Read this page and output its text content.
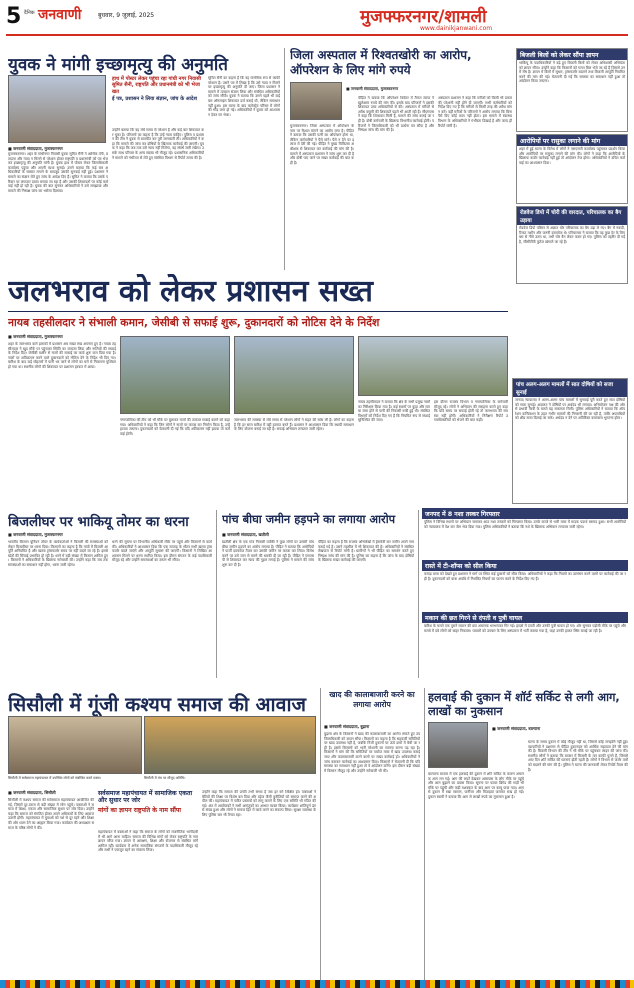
5 दैनिक जनवाणी	बुधवार, 9 जुलाई, 2025	मुजफ्फरनगर/शामली
www.dainikjanwani.com
युवक ने मांगी इच्छामृत्यु की अनुमति
■ जनवाणी संवाददाता, मुजफ्फरनगर
मुजफ्फरनगर। शहर के गांधीनगर निवासी युवक सुमित सैनी ने आर्थिक तंगी, प्रताड़ना और न्याय न मिलने से परेशान होकर राष्ट्रपति व प्रधानमंत्री को पत्र भेजकर इच्छामृत्यु की अनुमति मांगी है। युवक हाथ में पोस्टर लेकर जिलाधिकारी कार्यालय पहुंचा और अपनी व्यथा सुनाई। उसने बताया कि कई बार अधिकारियों के चक्कर लगाने के बावजूद उसकी सुनवाई नहीं हुई। प्रशासन ने मामले का संज्ञान लेते हुए जांच के आदेश दिए हैं। सुमित ने बताया कि उसके परिवार पर लगातार दबाव बनाया जा रहा है और उसकी शिकायतों पर कोई कार्रवाई नहीं हो रही है। युवक की बात सुनकर अधिकारियों ने उसे समझाया और मामले की निष्पक्ष जांच का भरोसा दिलाया।
हाथ में पोस्टर लेकर पहुंचा रहा गांधी नगर निवासी सुमित सैनी, राष्ट्रपति और प्रधानमंत्री को भी भेजा खत
ई पत्र, प्रशासन ने लिया संज्ञान, जांच के आदेश
उन्होंने बताया कि वह लंबे समय से परेशान है और कई बार शिकायत कर चुका है। परिजनों का कहना है कि उन्हें न्याय चाहिए। पुलिस व प्रशासन की टीम ने युवक से बातचीत कर पूरी जानकारी ली। अधिकारियों ने कहा कि मामले की जांच कर दोषियों के खिलाफ कार्रवाई की जाएगी। युवक ने कहा कि जब तक उसे न्याय नहीं मिलेगा, वह संघर्ष जारी रखेगा। उसके साथ परिवार के अन्य सदस्य भी मौजूद रहे। प्रशासनिक अधिकारियों ने मामले को गंभीरता से लेते हुए संबंधित विभाग से रिपोर्ट तलब की है।
सुमित सैनी का कहना है कि वह मानसिक रूप से काफी परेशान है। उसने पत्र में लिखा है कि उसे न्याय न मिलने पर इच्छामृत्यु की अनुमति दी जाए। जिला प्रशासन ने मामले में तत्काल संज्ञान लिया और संबंधित अधिकारियों को जांच सौंपी। युवक ने बताया कि उसने पहले भी कई बार ऑनलाइन शिकायत दर्ज कराई थी, लेकिन समाधान नहीं हुआ। इस घटना के बाद कलेक्ट्रेट परिसर में लोगों की भीड़ जमा हो गई। अधिकारियों ने युवक को आश्वासन देकर घर भेजा।
जिला अस्पताल में रिश्वतखोरी का आरोप, ऑपरेशन के लिए मांगे रुपये
■ जनवाणी संवाददाता, मुजफ्फरनगर
मुजफ्फरनगर। जिला अस्पताल में ऑपरेशन के नाम पर रिश्वत मांगने का आरोप लगा है। पीड़ित ने बताया कि उसकी पत्नी का ऑपरेशन होना था, लेकिन कर्मचारियों ने पैसे मांगे। पैसे न देने पर इलाज में देरी की गई। पीड़ित ने मुख्य चिकित्सा अधीक्षक से शिकायत कर कार्रवाई की मांग की है। मामले में अस्पताल प्रशासन ने जांच शुरू कर दी है और दोषी पाए जाने पर सख्त कार्रवाई की बात कही है।
पीड़ित ने बताया कि ऑपरेशन थियेटर में तैनात स्टाफ ने खुलेआम रुपये की मांग की। इसके बाद परिजनों ने इसकी शिकायत उच्च अधिकारियों से की। अस्पताल में मरीजों से अवैध वसूली की शिकायतें पहले भी आती रही हैं। सीएमएस ने कहा कि शिकायत मिली है, मामले की जांच कराई जा रही है। दोषी कर्मचारी के खिलाफ विभागीय कार्रवाई होगी। परिजनों ने जिलाधिकारी को भी प्रार्थना पत्र सौंपा है और निष्पक्ष जांच की मांग की है।
अस्पताल प्रशासन ने कहा कि मरीजों को किसी भी प्रकार की परेशानी नहीं होने दी जाएगी। सभी कर्मचारियों को निर्देश दिए गए हैं कि मरीजों से किसी तरह की अवैध मांग न करें। वहीं मरीजों के परिजनों ने आरोप लगाया कि बिना पैसे दिए कोई काम नहीं होता। इस मामले में स्वास्थ्य विभाग के अधिकारियों ने गंभीरता दिखाई है और जल्द ही रिपोर्ट मांगी है।
बिजली बिलों को लेकर सौंपा ज्ञापन
भाकियू के पदाधिकारियों ने बढ़े हुए बिजली बिलों को लेकर अधिशासी अभियंता को ज्ञापन सौंपा। उन्होंने कहा कि किसानों को गलत बिल भेजे जा रहे हैं जिससे उनमें रोष है। ज्ञापन में बिलों में सुधार, ट्रांसफार्मर बदलने तथा बिजली आपूर्ति नियमित करने की मांग की गई। चेतावनी दी गई कि समस्या का समाधान नहीं हुआ तो आंदोलन किया जाएगा।
आरोपियों पर रासुका लगाने की मांग
शहर में हुई घटना के विरोध में लोगों ने एसएसपी कार्यालय पहुंचकर प्रदर्शन किया और आरोपियों पर रासुका लगाने की मांग की। लोगों ने कहा कि आरोपियों के खिलाफ कठोर कार्रवाई नहीं हुई तो आंदोलन तेज होगा। अधिकारियों ने उचित कार्रवाई का आश्वासन दिया।
रोडवेज डिपो में चोरी की वारदात, परिचालक का बैग उड़ाया
रोडवेज डिपो परिसर से अज्ञात चोर परिचालक का बैग उड़ा ले गए। बैग में नकदी, टिकट मशीन और जरूरी दस्तावेज थे। परिचालक ने बताया कि वह कुछ देर के लिए बस से नीचे उतरा था, तभी चोर बैग लेकर फरार हो गए। पुलिस को तहरीर दी गई है, सीसीटीवी फुटेज खंगाले जा रहे हैं।
जलभराव को लेकर प्रशासन सख्त
नायब तहसीलदार ने संभाली कमान, जेसीबी से सफाई शुरू, दुकानदारों को नोटिस देने के निर्देश
■ जनवाणी संवाददाता, मुजफ्फरनगर
शहर के जलभराव वाले इलाकों में प्रशासन अब सख्त रुख अपनाए हुए है। नायब तहसीलदार ने खुद मौके पर पहुंचकर स्थिति का जायजा लिया और नालियों की सफाई के निर्देश दिए। जेसीबी मशीन से नालों की सफाई का कार्य शुरू करा दिया गया है। नालों पर अतिक्रमण करने वाले दुकानदारों को नोटिस देने के निर्देश भी दिए गए। बारिश के बाद कई मोहल्लों में पानी भर जाने से लोगों का घरों से निकलना मुश्किल हो गया था। स्थानीय लोगों की शिकायत पर प्रशासन हरकत में आया।
नगरपालिका की टीम को भी मौके पर बुलाकर नालों की तत्काल सफाई कराने को कहा गया। अधिकारियों ने कहा कि जिन लोगों ने नालों पर कब्जा कर निर्माण किया है, उन्हें हटाया जाएगा। दुकानदारों को चेतावनी दी गई कि यदि अतिक्रमण नहीं हटाया तो कार्रवाई होगी।
जलभराव की समस्या से लंबे समय से परेशान लोगों ने राहत की सांस ली है। लोगों का कहना है कि हर साल बारिश में यही हालात बनते हैं। प्रशासन ने आश्वासन दिया कि स्थायी समाधान के लिए योजना बनाई जा रही है। सफाई अभियान लगातार जारी रहेगा।
नायब तहसीलदार ने बताया कि क्षेत्र के सभी प्रमुख नालों का निरीक्षण किया गया है। कई स्थानों पर कूड़ा और मलबा जमा होने से पानी की निकासी रुकी हुई थी। संबंधित विभागों को निर्देश दिए गए हैं कि नियमित रूप से सफाई सुनिश्चित की जाए।
इस दौरान राजस्व विभाग व नगरपालिका के कर्मचारी मौजूद रहे। लोगों ने अभियान की सराहना करते हुए कहा कि यदि समय पर सफाई होती रहे तो जलभराव की समस्या नहीं होगी। अधिकारियों ने निरीक्षण रिपोर्ट उच्चाधिकारियों को भेजने की बात कही।
पांच अलग-अलग मामलों में सात दोषियों को सजा सुनाई
जनपद न्यायालय ने अलग-अलग पांच मामलों में सुनवाई पूरी करते हुए सात दोषियों को सजा सुनाई। अदालत ने दोषियों पर अर्थदंड भी लगाया। अभियोजन पक्ष की ओर से प्रभावी पैरवी के चलते यह सफलता मिली। पुलिस अधिकारियों ने बताया कि ऑपरेशन कन्विक्शन के तहत गंभीर मामलों की निगरानी की जा रही है, ताकि अपराधियों को शीघ्र सजा दिलाई जा सके। अर्थदंड न देने पर अतिरिक्त कारावास भुगतना होगा।
बिजलीघर पर भाकियू तोमर का धरना
■ जनवाणी संवाददाता, मुजफ्फरनगर
भारतीय किसान यूनियन तोमर के कार्यकर्ताओं ने बिजली की समस्याओं को लेकर बिजलीघर पर धरना दिया। किसानों का कहना है कि गांवों में बिजली आपूर्ति अनियमित है और खराब ट्रांसफार्मर समय पर नहीं बदले जा रहे हैं। इससे खेतों की सिंचाई प्रभावित हो रही है। धरने में बड़ी संख्या में किसान शामिल हुए। किसानों ने अधिकारियों के खिलाफ नारेबाजी की। उन्होंने कहा कि जब तक समस्याओं का समाधान नहीं होगा, धरना जारी रहेगा।
धरने की सूचना पर विभागीय अधिकारी मौके पर पहुंचे और किसानों से वार्ता की। अधिकारियों ने आश्वासन दिया कि एक सप्ताह के भीतर सभी खराब ट्रांसफार्मर बदले जाएंगे और आपूर्ति सुचारू की जाएगी। किसानों ने लिखित आश्वासन मिलने पर धरना स्थगित किया। इस दौरान संगठन के कई पदाधिकारी मौजूद रहे और उन्होंने समस्याओं का ज्ञापन भी सौंपा।
पांच बीघा जमीन हड़पने का लगाया आरोप
■ जनवाणी संवाददाता, खतौली
खतौली क्षेत्र के एक गांव निवासी व्यक्ति ने कुछ लोगों पर उसकी पांच बीघा जमीन हड़पने का आरोप लगाया है। पीड़ित ने बताया कि आरोपियों ने फर्जी दस्तावेज तैयार कर उसकी जमीन पर कब्जा कर लिया। विरोध करने पर उसे जान से मारने की धमकी दी जा रही है। पीड़ित ने एसएसपी से शिकायत कर न्याय की गुहार लगाई है। पुलिस ने मामले की जांच शुरू कर दी है।
पीड़ित का कहना है कि राजस्व अभिलेखों में हेराफेरी कर जमीन अपने नाम कराई गई है। उसने तहसील में भी शिकायत की है। अधिकारियों ने संबंधित लेखपाल से रिपोर्ट मांगी है। ग्रामीणों ने भी पीड़ित का समर्थन करते हुए निष्पक्ष जांच की मांग की है। पुलिस का कहना है कि जांच के बाद दोषियों के खिलाफ सख्त कार्रवाई की जाएगी।
जनपद में 8 नशा तस्कर गिरफ्तार
पुलिस ने विभिन्न स्थानों पर अभियान चलाकर आठ नशा तस्करों को गिरफ्तार किया। उनके कब्जे से भारी मात्रा में मादक पदार्थ बरामद हुआ। सभी आरोपियों को न्यायालय में पेश कर जेल भेज दिया गया। पुलिस अधिकारियों ने बताया कि नशे के खिलाफ अभियान लगातार जारी रहेगा।
रास्ते में टी-शॉप्स को सील किया
कांवड़ यात्रा को देखते हुए प्रशासन ने मार्ग पर स्थित कई दुकानों को सील किया। अधिकारियों ने कहा कि नियमों का उल्लंघन करने वालों पर कार्रवाई की जा रही है। दुकानदारों को यात्रा अवधि में निर्धारित नियमों का पालन करने के निर्देश दिए गए हैं।
मकान की छत गिरने से दंपती व पुत्री घायल
बारिश के चलते एक पुराने मकान की छत अचानक भरभराकर गिर गई। हादसे में दंपती और उनकी पुत्री घायल हो गए। शोर सुनकर पड़ोसी मौके पर पहुंचे और मलबे में दबे लोगों को बाहर निकाला। घायलों को उपचार के लिए अस्पताल में भर्ती कराया गया है, जहां उनकी हालत स्थिर बताई जा रही है।
सिसौली में गूंजी कश्यप समाज की आवाज
सिसौली में सर्वसमाज महापंचायत में उपस्थित लोगों को संबोधित करते वक्ता।	सिसौली में मंच पर मौजूद अतिथि।
■ जनवाणी संवाददाता, सिसौली
सिसौली में कश्यप समाज की सर्वसमाज महापंचायत आयोजित की गई, जिसमें दूर-दराज से बड़ी संख्या में लोग पहुंचे। वक्ताओं ने समाज में शिक्षा, एकता और सामाजिक सुधार पर जोर दिया। उन्होंने कहा कि समाज को संगठित होकर अपने अधिकारों के लिए आवाज उठानी होगी। महापंचायत में युवाओं को नशे से दूर रहने और शिक्षा की ओर ध्यान देने का आह्वान किया गया। कार्यक्रम की अध्यक्षता समाज के वरिष्ठ लोगों ने की।
सर्वसमाज महापंचायत में सामाजिक एकता और सुधार पर जोर
मांगों का ज्ञापन राष्ट्रपति के नाम सौंपा
महापंचायत में वक्ताओं ने कहा कि समाज के लोगों को राजनीतिक भागीदारी में भी आगे आना चाहिए। समाज की विभिन्न मांगों को लेकर राष्ट्रपति के नाम ज्ञापन सौंपा गया। ज्ञापन में आरक्षण, शिक्षा और रोजगार से संबंधित मांगें शामिल रहीं। कार्यक्रम में अनेक सामाजिक संगठनों के पदाधिकारी मौजूद रहे और सभी ने एकजुट रहने का संकल्प लिया।
उन्होंने कहा कि समाज की प्रगति तभी संभव है जब हर वर्ग शिक्षित हो। वक्ताओं ने बेटियों की शिक्षा पर विशेष बल दिया और दहेज जैसी कुरीतियों को समाप्त करने की अपील की। महापंचायत में पारित प्रस्तावों को लागू कराने के लिए एक समिति भी गठित की गई। अंत में आयोजकों ने सभी आगंतुकों का आभार व्यक्त किया। कार्यक्रम शांतिपूर्ण ढंग से संपन्न हुआ और लोगों ने समाज हित में कार्य करने का संकल्प लिया। सुरक्षा व्यवस्था के लिए पुलिस बल भी तैनात रहा।
खाद की कालाबाजारी करने का लगाया आरोप
■ जनवाणी संवाददाता, बुढ़ाना
बुढ़ाना क्षेत्र के किसानों ने खाद की कालाबाजारी का आरोप लगाते हुए उपजिलाधिकारी को ज्ञापन सौंपा। किसानों का कहना है कि सहकारी समितियों पर खाद उपलब्ध नहीं है, जबकि निजी दुकानों पर ऊंचे दामों में बेची जा रही है। इससे किसानों को भारी परेशानी का सामना करना पड़ रहा है। किसानों ने मांग की कि समितियों पर पर्याप्त मात्रा में खाद उपलब्ध कराई जाए और कालाबाजारी करने वालों पर सख्त कार्रवाई हो। अधिकारियों ने जांच कराकर कार्रवाई का आश्वासन दिया। किसानों ने चेतावनी दी कि यदि समस्या का समाधान नहीं हुआ तो वे आंदोलन करेंगे। इस दौरान बड़ी संख्या में किसान मौजूद रहे और उन्होंने नारेबाजी भी की।
हलवाई की दुकान में शॉर्ट सर्किट से लगी आग, लाखों का नुकसान
■ जनवाणी संवाददाता, बाल्याना
बाल्याना बाजार में एक हलवाई की दुकान में शॉर्ट सर्किट के कारण अचानक आग लग गई। आग की लपटें देखकर आसपास के लोग मौके पर पहुंचे और आग बुझाने का प्रयास किया। सूचना पर फायर ब्रिगेड की गाड़ी भी मौके पर पहुंची और कड़ी मशक्कत के बाद आग पर काबू पाया गया। आग से दुकान में रखा सामान, फर्नीचर और मिठाइयां जलकर राख हो गईं। दुकान स्वामी ने बताया कि आग से लाखों रुपये का नुकसान हुआ है।
घटना के समय दुकान में कोई मौजूद नहीं था, जिससे कोई जनहानि नहीं हुई। व्यापारियों ने प्रशासन से पीड़ित दुकानदार को आर्थिक सहायता देने की मांग की है। बिजली विभाग की टीम ने भी मौके पर पहुंचकर लाइन की जांच की। स्थानीय लोगों ने बताया कि बाजार में बिजली के तार काफी पुराने हैं, जिससे आए दिन शॉर्ट सर्किट की घटनाएं होती रहती हैं। लोगों ने विभाग से जर्जर तारों को बदलने की मांग की है। पुलिस ने घटना की जानकारी लेकर रिपोर्ट तैयार की है।
